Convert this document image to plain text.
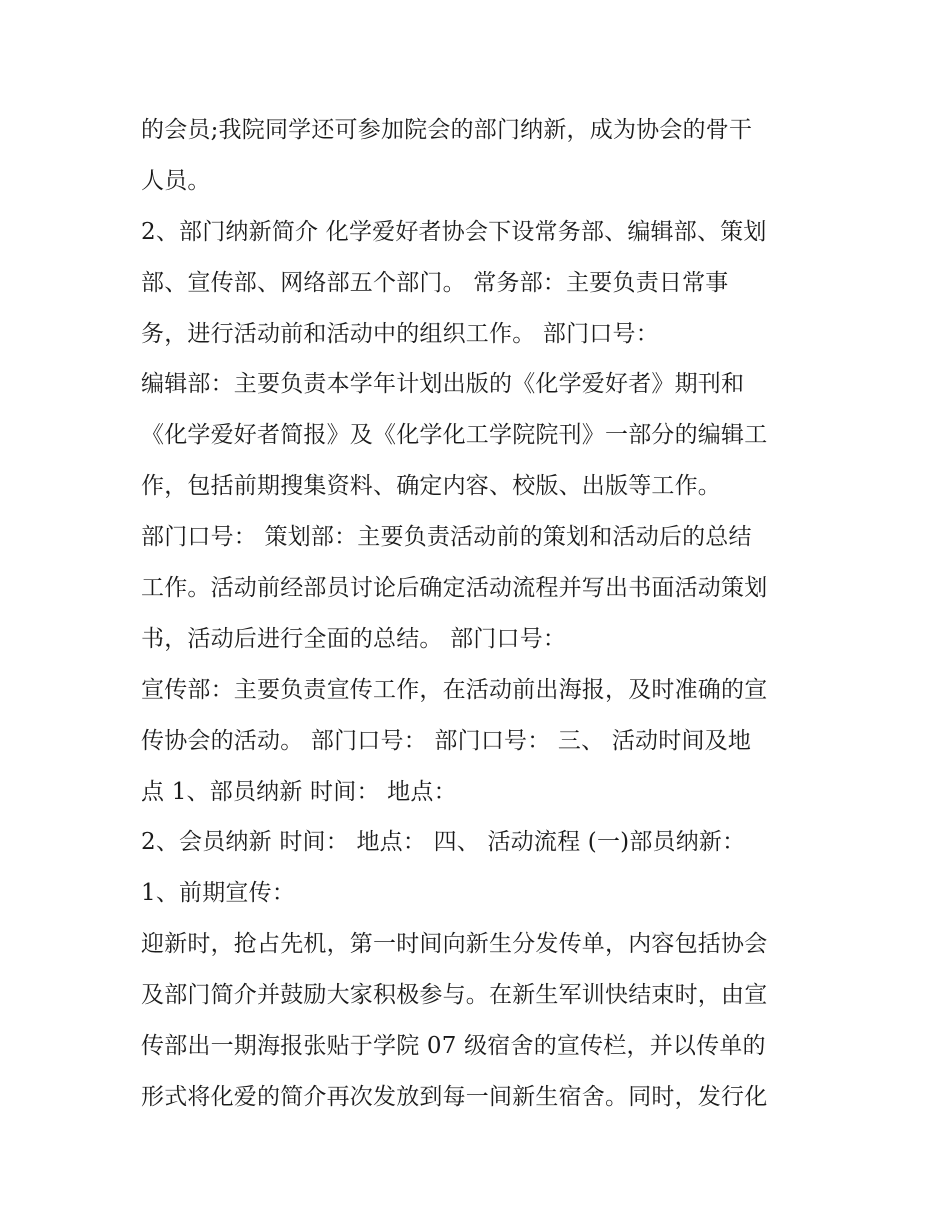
的会员;我院同学还可参加院会的部门纳新，成为协会的骨干
人员。
2、部门纳新简介 化学爱好者协会下设常务部、编辑部、策划
部、宣传部、网络部五个部门。 常务部：主要负责日常事
务，进行活动前和活动中的组织工作。 部门口号：
编辑部：主要负责本学年计划出版的《化学爱好者》期刊和
《化学爱好者简报》及《化学化工学院院刊》一部分的编辑工
作，包括前期搜集资料、确定内容、校版、出版等工作。
部门口号： 策划部：主要负责活动前的策划和活动后的总结
工作。活动前经部员讨论后确定活动流程并写出书面活动策划
书，活动后进行全面的总结。 部门口号：
宣传部：主要负责宣传工作，在活动前出海报，及时准确的宣
传协会的活动。 部门口号： 部门口号： 三、 活动时间及地
点 1、部员纳新 时间： 地点：
2、会员纳新 时间： 地点： 四、 活动流程 (一)部员纳新：
1、前期宣传：
迎新时，抢占先机，第一时间向新生分发传单，内容包括协会
及部门简介并鼓励大家积极参与。在新生军训快结束时，由宣
传部出一期海报张贴于学院 07 级宿舍的宣传栏，并以传单的
形式将化爱的简介再次发放到每一间新生宿舍。同时，发行化
